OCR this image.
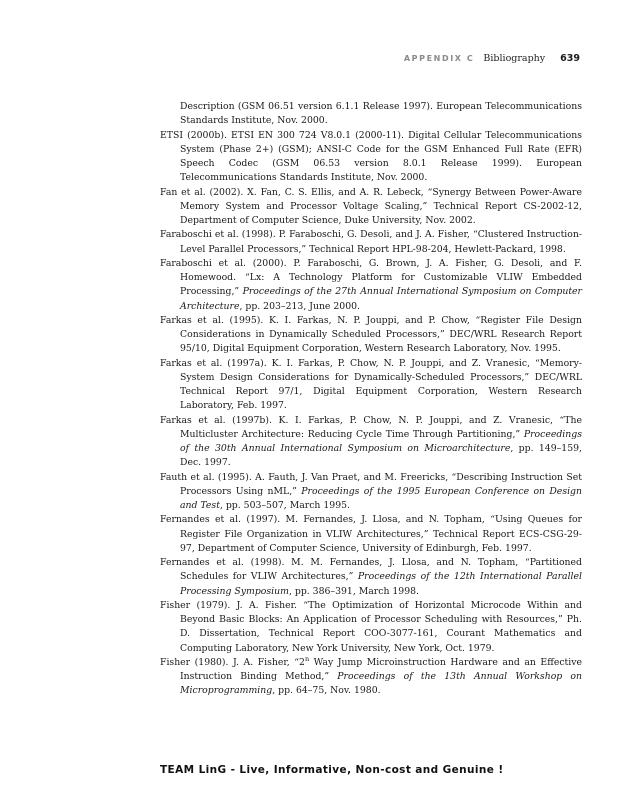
APPENDIX C Bibliography 639

Description (GSM 06.51 version 6.1.1 Release 1997). European Telecommunications Standards Institute, Nov. 2000.

ETSI (2000b). ETSI EN 300 724 V8.0.1 (2000-11). Digital Cellular Telecommunications System (Phase 2+) (GSM); ANSI-C Code for the GSM Enhanced Full Rate (EFR) Speech Codec (GSM 06.53 version 8.0.1 Release 1999). European Telecommunications Standards Institute, Nov. 2000.

Fan et al. (2002). X. Fan, C. S. Ellis, and A. R. Lebeck, “Synergy Between Power-Aware Memory System and Processor Voltage Scaling,” Technical Report CS-2002-12, Department of Computer Science, Duke University, Nov. 2002.

Faraboschi et al. (1998). P. Faraboschi, G. Desoli, and J. A. Fisher, “Clustered Instruction-Level Parallel Processors,” Technical Report HPL-98-204, Hewlett-Packard, 1998.

Faraboschi et al. (2000). P. Faraboschi, G. Brown, J. A. Fisher, G. Desoli, and F. Homewood. “Lx: A Technology Platform for Customizable VLIW Embedded Processing,” Proceedings of the 27th Annual International Symposium on Computer Architecture, pp. 203–213, June 2000.

Farkas et al. (1995). K. I. Farkas, N. P. Jouppi, and P. Chow, “Register File Design Considerations in Dynamically Scheduled Processors,” DEC/WRL Research Report 95/10, Digital Equipment Corporation, Western Research Laboratory, Nov. 1995.

Farkas et al. (1997a). K. I. Farkas, P. Chow, N. P. Jouppi, and Z. Vranesic, “Memory-System Design Considerations for Dynamically-Scheduled Processors,” DEC/WRL Technical Report 97/1, Digital Equipment Corporation, Western Research Laboratory, Feb. 1997.

Farkas et al. (1997b). K. I. Farkas, P. Chow, N. P. Jouppi, and Z. Vranesic, “The Multicluster Architecture: Reducing Cycle Time Through Partitioning,” Proceedings of the 30th Annual International Symposium on Microarchitecture, pp. 149–159, Dec. 1997.

Fauth et al. (1995). A. Fauth, J. Van Praet, and M. Freericks, “Describing Instruction Set Processors Using nML,” Proceedings of the 1995 European Conference on Design and Test, pp. 503–507, March 1995.

Fernandes et al. (1997). M. Fernandes, J. Llosa, and N. Topham, “Using Queues for Register File Organization in VLIW Architectures,” Technical Report ECS-CSG-29-97, Department of Computer Science, University of Edinburgh, Feb. 1997.

Fernandes et al. (1998). M. M. Fernandes, J. Llosa, and N. Topham, “Partitioned Schedules for VLIW Architectures,” Proceedings of the 12th International Parallel Processing Symposium, pp. 386–391, March 1998.

Fisher (1979). J. A. Fisher. “The Optimization of Horizontal Microcode Within and Beyond Basic Blocks: An Application of Processor Scheduling with Resources,” Ph. D. Dissertation, Technical Report COO-3077-161, Courant Mathematics and Computing Laboratory, New York University, New York, Oct. 1979.

Fisher (1980). J. A. Fisher, “2$^n$ Way Jump Microinstruction Hardware and an Effective Instruction Binding Method,” Proceedings of the 13th Annual Workshop on Microprogramming, pp. 64–75, Nov. 1980.

TEAM LinG - Live, Informative, Non-cost and Genuine !
